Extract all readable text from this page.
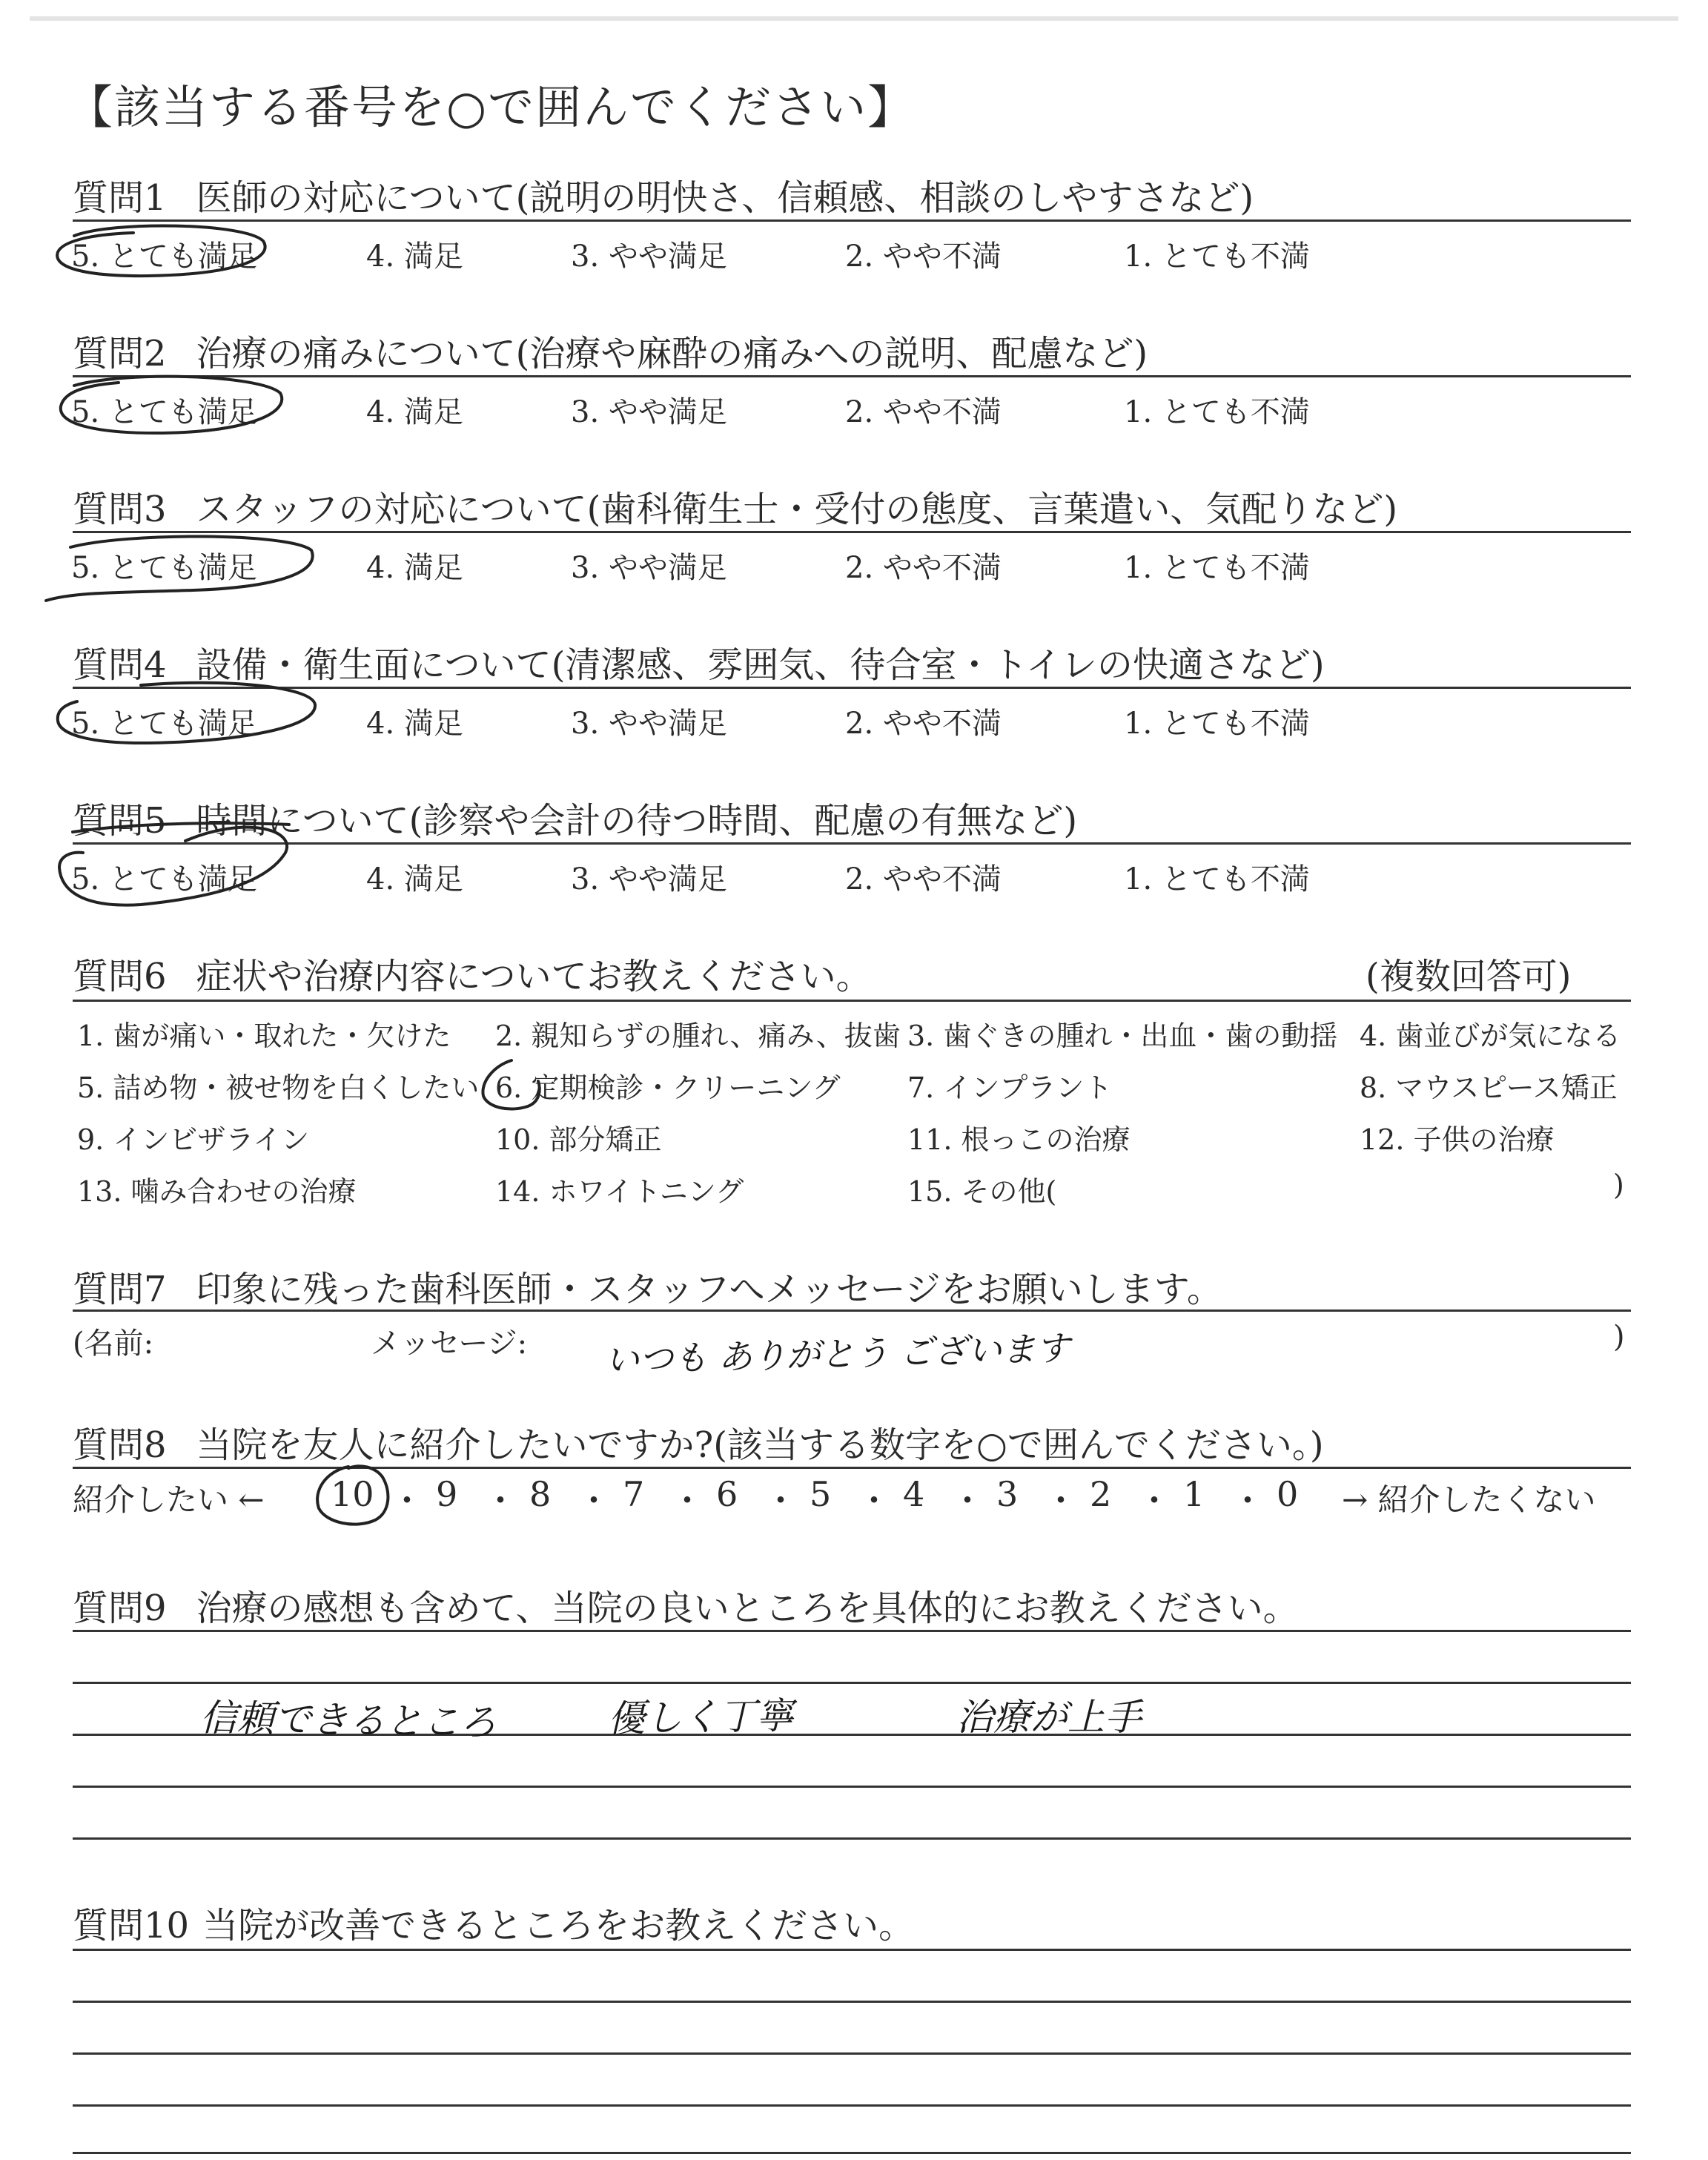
【該当する番号を○で囲んでください】
質問1 医師の対応について(説明の明快さ、信頼感、相談のしやすさなど)
5. とても満足	4. 満足	3. やや満足	2. やや不満	1. とても不満
質問2 治療の痛みについて(治療や麻酔の痛みへの説明、配慮など)
5. とても満足	4. 満足	3. やや満足	2. やや不満	1. とても不満
質問3 スタッフの対応について(歯科衛生士・受付の態度、言葉遣い、気配りなど)
5. とても満足	4. 満足	3. やや満足	2. やや不満	1. とても不満
質問4 設備・衛生面について(清潔感、雰囲気、待合室・トイレの快適さなど)
5. とても満足	4. 満足	3. やや満足	2. やや不満	1. とても不満
質問5 時間について(診察や会計の待つ時間、配慮の有無など)
5. とても満足	4. 満足	3. やや満足	2. やや不満	1. とても不満
質問6 症状や治療内容についてお教えください。	(複数回答可)
1. 歯が痛い・取れた・欠けた 2. 親知らずの腫れ、痛み、抜歯 3. 歯ぐきの腫れ・出血・歯の動揺 4. 歯並びが気になる
5. 詰め物・被せ物を白くしたい 6. 定期検診・クリーニング 7. インプラント	8. マウスピース矯正
9. インビザライン	10. 部分矯正	11. 根っこの治療	12. 子供の治療
13. 噛み合わせの治療	14. ホワイトニング	15. その他(	)
質問7 印象に残った歯科医師・スタッフへメッセージをお願いします。
(名前:	メッセージ: いつも ありがとう ございます	)
質問8 当院を友人に紹介したいですか?(該当する数字を○で囲んでください。)
紹介したい ← 10 ・ 9 ・ 8 ・ 7 ・ 6 ・ 5 ・ 4 ・ 3 ・ 2 ・ 1 ・ 0 → 紹介したくない
質問9 治療の感想も含めて、当院の良いところを具体的にお教えください。
信頼できるところ	優しく丁寧	治療が上手
質問10 当院が改善できるところをお教えください。
